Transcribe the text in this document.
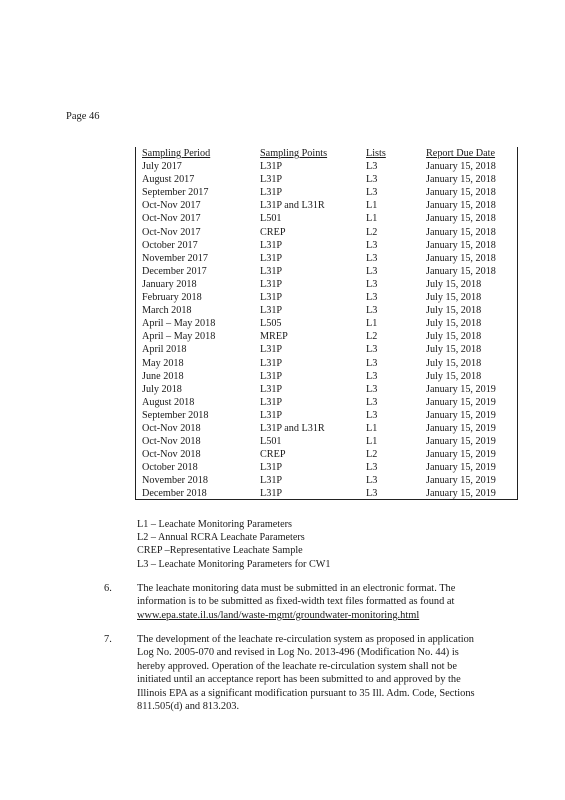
Page 46
Sampling Period	Sampling Points	Lists	Report Due Date
July 2017	L31P	L3	January 15, 2018
August 2017	L31P	L3	January 15, 2018
September 2017	L31P	L3	January 15, 2018
Oct-Nov 2017	L31P and L31R	L1	January 15, 2018
Oct-Nov 2017	L501	L1	January 15, 2018
Oct-Nov 2017	CREP	L2	January 15, 2018
October 2017	L31P	L3	January 15, 2018
November 2017	L31P	L3	January 15, 2018
December 2017	L31P	L3	January 15, 2018
January 2018	L31P	L3	July 15, 2018
February 2018	L31P	L3	July 15, 2018
March 2018	L31P	L3	July 15, 2018
April – May 2018	L505	L1	July 15, 2018
April – May 2018	MREP	L2	July 15, 2018
April 2018	L31P	L3	July 15, 2018
May 2018	L31P	L3	July 15, 2018
June 2018	L31P	L3	July 15, 2018
July 2018	L31P	L3	January 15, 2019
August 2018	L31P	L3	January 15, 2019
September 2018	L31P	L3	January 15, 2019
Oct-Nov 2018	L31P and L31R	L1	January 15, 2019
Oct-Nov 2018	L501	L1	January 15, 2019
Oct-Nov 2018	CREP	L2	January 15, 2019
October 2018	L31P	L3	January 15, 2019
November 2018	L31P	L3	January 15, 2019
December 2018	L31P	L3	January 15, 2019
L1 – Leachate Monitoring Parameters
L2 – Annual RCRA Leachate Parameters
CREP –Representative Leachate Sample
L3 – Leachate Monitoring Parameters for CW1
6. The leachate monitoring data must be submitted in an electronic format. The information is to be submitted as fixed-width text files formatted as found at www.epa.state.il.us/land/waste-mgmt/groundwater-monitoring.html
7. The development of the leachate re-circulation system as proposed in application Log No. 2005-070 and revised in Log No. 2013-496 (Modification No. 44) is hereby approved. Operation of the leachate re-circulation system shall not be initiated until an acceptance report has been submitted to and approved by the Illinois EPA as a significant modification pursuant to 35 Ill. Adm. Code, Sections 811.505(d) and 813.203.
